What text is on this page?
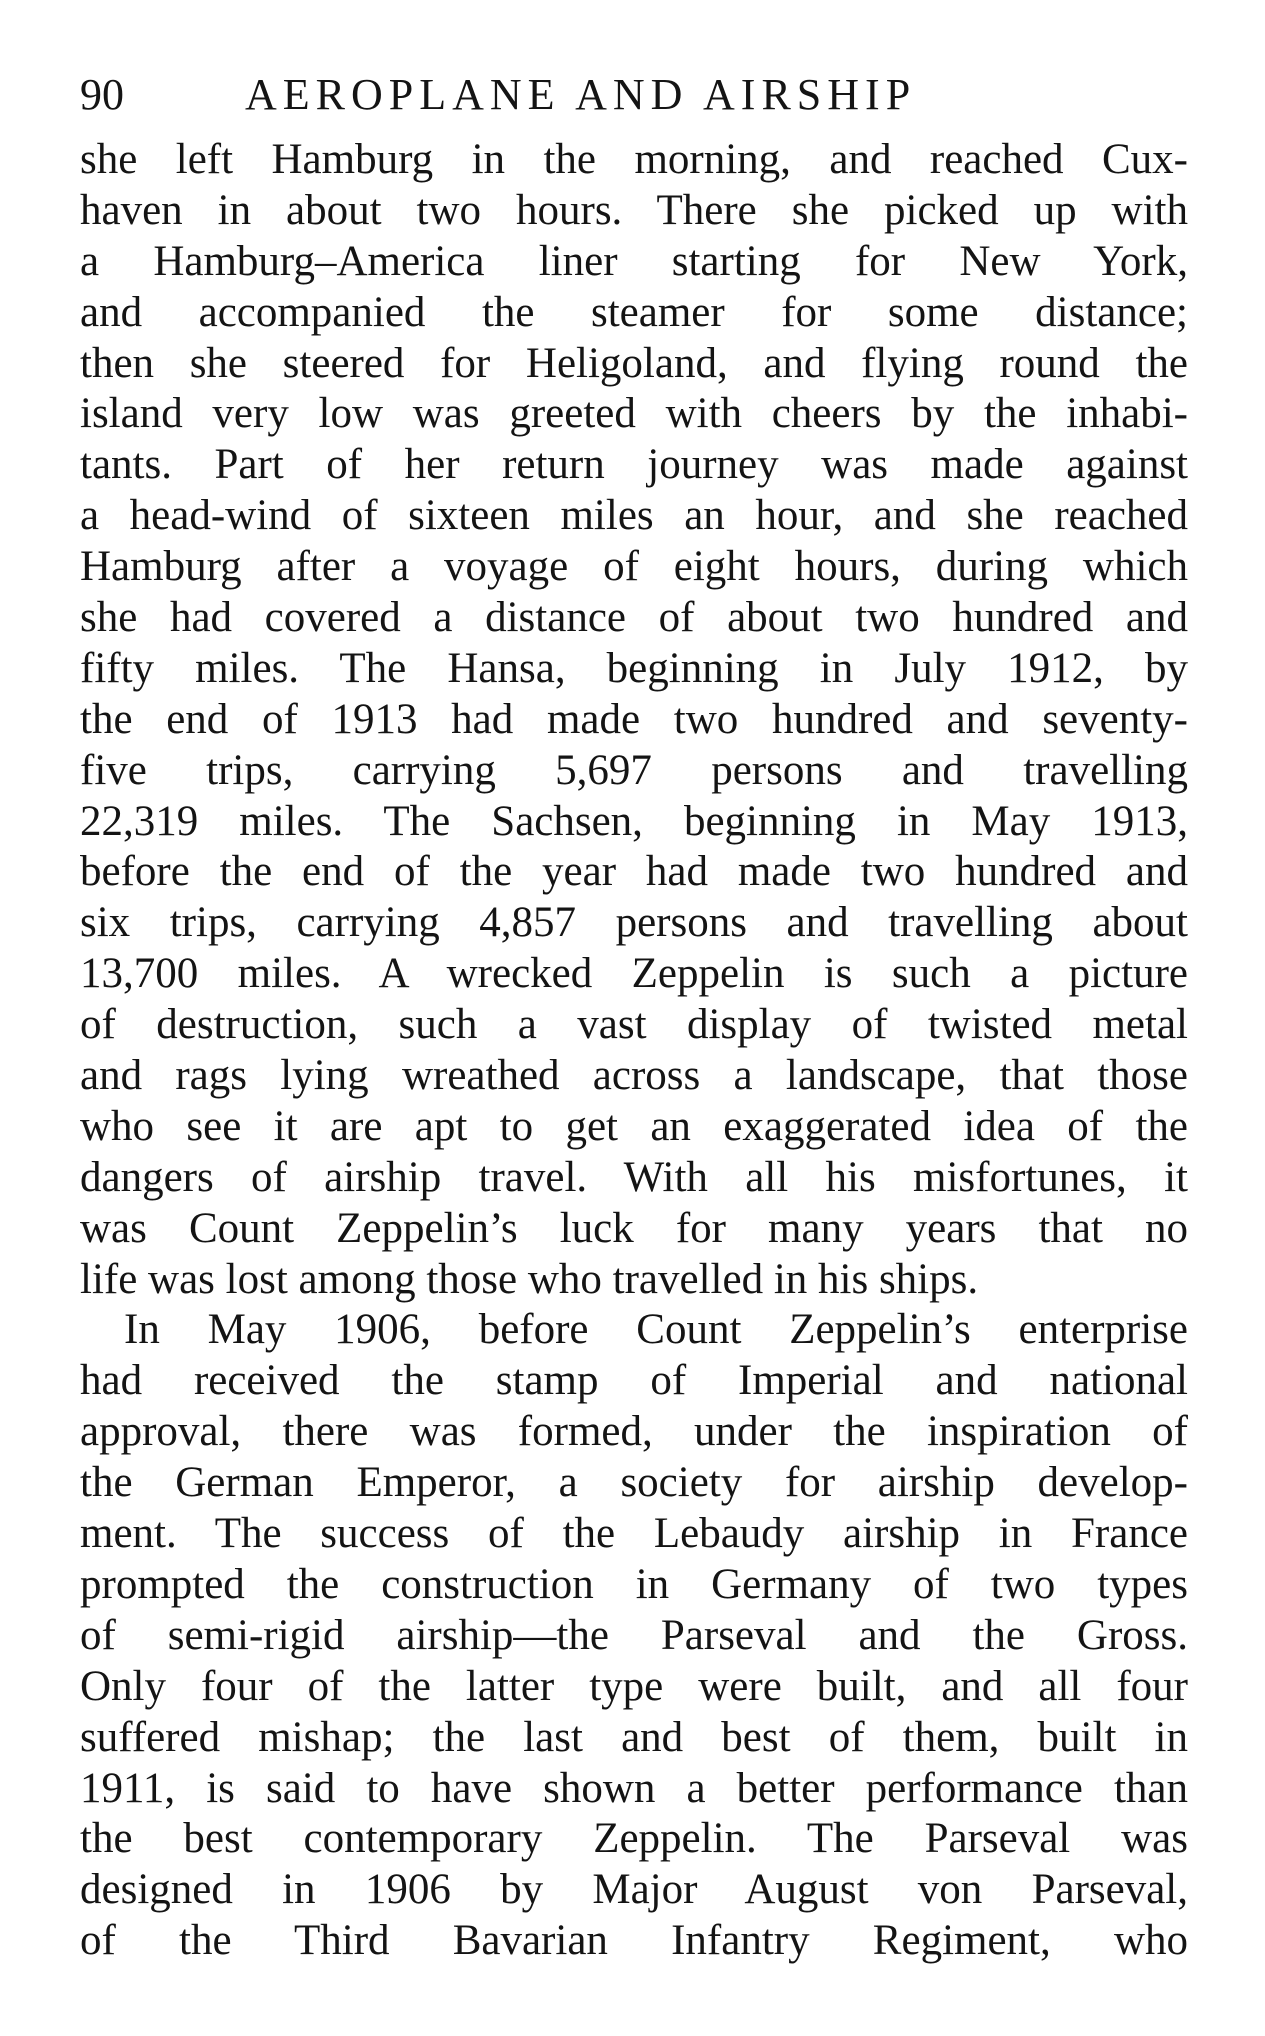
90	AEROPLANE AND AIRSHIP
she left Hamburg in the morning, and reached Cux-
haven in about two hours. There she picked up with
a Hamburg–America liner starting for New York,
and accompanied the steamer for some distance;
then she steered for Heligoland, and flying round the
island very low was greeted with cheers by the inhabi-
tants. Part of her return journey was made against
a head-wind of sixteen miles an hour, and she reached
Hamburg after a voyage of eight hours, during which
she had covered a distance of about two hundred and
fifty miles. The Hansa, beginning in July 1912, by
the end of 1913 had made two hundred and seventy-
five trips, carrying 5,697 persons and travelling
22,319 miles. The Sachsen, beginning in May 1913,
before the end of the year had made two hundred and
six trips, carrying 4,857 persons and travelling about
13,700 miles. A wrecked Zeppelin is such a picture
of destruction, such a vast display of twisted metal
and rags lying wreathed across a landscape, that those
who see it are apt to get an exaggerated idea of the
dangers of airship travel. With all his misfortunes, it
was Count Zeppelin’s luck for many years that no
life was lost among those who travelled in his ships.
In May 1906, before Count Zeppelin’s enterprise
had received the stamp of Imperial and national
approval, there was formed, under the inspiration of
the German Emperor, a society for airship develop-
ment. The success of the Lebaudy airship in France
prompted the construction in Germany of two types
of semi-rigid airship—the Parseval and the Gross.
Only four of the latter type were built, and all four
suffered mishap; the last and best of them, built in
1911, is said to have shown a better performance than
the best contemporary Zeppelin. The Parseval was
designed in 1906 by Major August von Parseval,
of the Third Bavarian Infantry Regiment, who
